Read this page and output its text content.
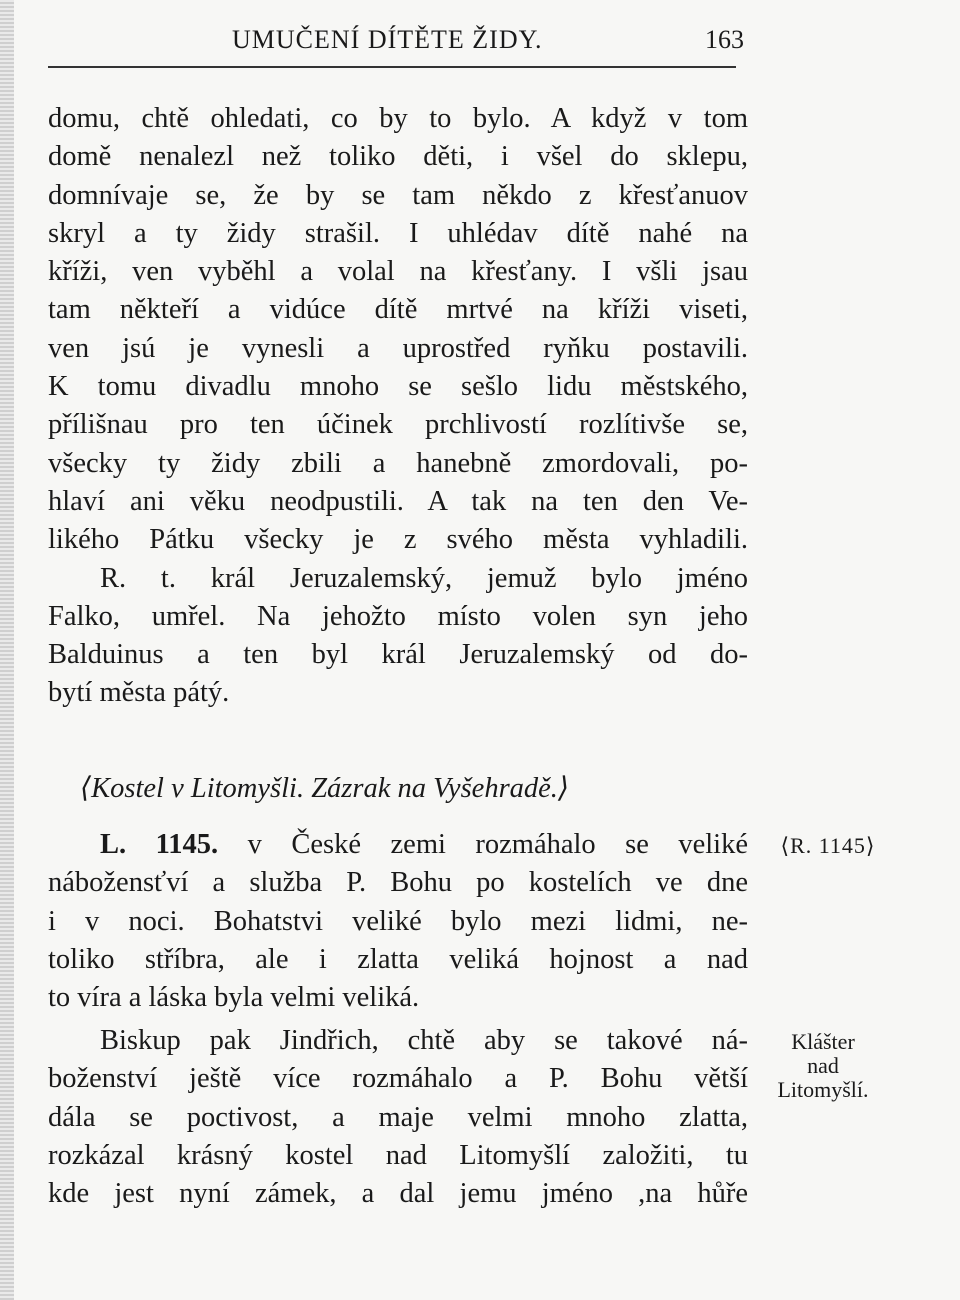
UMUČENÍ DÍTĚTE ŽIDY.	163
domu, chtě ohledati, co by to bylo. A když v tom
domě nenalezl než toliko děti, i všel do sklepu,
domnívaje se, že by se tam někdo z křesťanuov
skryl a ty židy strašil. I uhlédav dítě nahé na
kříži, ven vyběhl a volal na křesťany. I všli jsau
tam někteří a vidúce dítě mrtvé na kříži viseti,
ven jsú je vynesli a uprostřed ryňku postavili.
K tomu divadlu mnoho se sešlo lidu městského,
přílišnau pro ten účinek prchlivostí rozlítivše se,
všecky ty židy zbili a hanebně zmordovali, po-
hlaví ani věku neodpustili. A tak na ten den Ve-
likého Pátku všecky je z svého města vyhladili.
R. t. král Jeruzalemský, jemuž bylo jméno
Falko, umřel. Na jehožto místo volen syn jeho
Balduinus a ten byl král Jeruzalemský od do-
bytí města pátý.
⟨Kostel v Litomyšli. Zázrak na Vyšehradě.⟩
L. 1145. v České zemi rozmáhalo se veliké
nábožensťví a služba P. Bohu po kostelích ve dne
i v noci. Bohatstvi veliké bylo mezi lidmi, ne-
toliko stříbra, ale i zlatta veliká hojnost a nad
to víra a láska byla velmi veliká.
Biskup pak Jindřich, chtě aby se takové ná-
boženství ještě více rozmáhalo a P. Bohu větší
dála se poctivost, a maje velmi mnoho zlatta,
rozkázal krásný kostel nad Litomyšlí založiti, tu
kde jest nyní zámek, a dal jemu jméno ,na hůře
⟨R. 1145⟩
Klášter
nad
Litomyšlí.
